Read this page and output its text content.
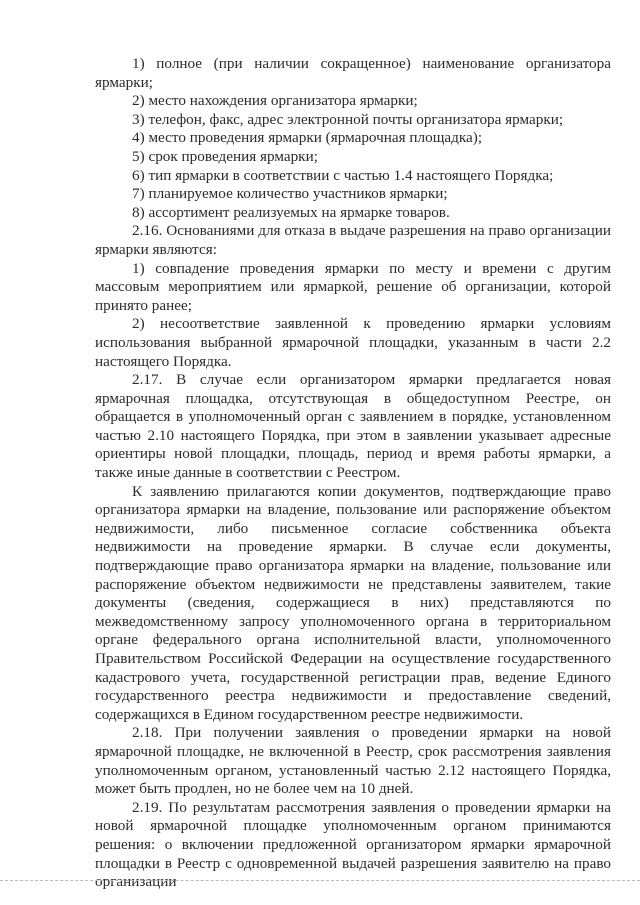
1) полное (при наличии сокращенное) наименование организатора ярмарки;

2) место нахождения организатора ярмарки;

3) телефон, факс, адрес электронной почты организатора ярмарки;

4) место проведения ярмарки (ярмарочная площадка);

5) срок проведения ярмарки;

6) тип ярмарки в соответствии с частью 1.4 настоящего Порядка;

7) планируемое количество участников ярмарки;

8) ассортимент реализуемых на ярмарке товаров.

2.16. Основаниями для отказа в выдаче разрешения на право организации ярмарки являются:

1) совпадение проведения ярмарки по месту и времени с другим массовым мероприятием или ярмаркой, решение об организации, которой принято ранее;

2) несоответствие заявленной к проведению ярмарки условиям использования выбранной ярмарочной площадки, указанным в части 2.2 настоящего Порядка.

2.17. В случае если организатором ярмарки предлагается новая ярмарочная площадка, отсутствующая в общедоступном Реестре, он обращается в уполномоченный орган с заявлением в порядке, установленном частью 2.10 настоящего Порядка, при этом в заявлении указывает адресные ориентиры новой площадки, площадь, период и время работы ярмарки, а также иные данные в соответствии с Реестром.

К заявлению прилагаются копии документов, подтверждающие право организатора ярмарки на владение, пользование или распоряжение объектом недвижимости, либо письменное согласие собственника объекта недвижимости на проведение ярмарки. В случае если документы, подтверждающие право организатора ярмарки на владение, пользование или распоряжение объектом недвижимости не представлены заявителем, такие документы (сведения, содержащиеся в них) представляются по межведомственному запросу уполномоченного органа в территориальном органе федерального органа исполнительной власти, уполномоченного Правительством Российской Федерации на осуществление государственного кадастрового учета, государственной регистрации прав, ведение Единого государственного реестра недвижимости и предоставление сведений, содержащихся в Едином государственном реестре недвижимости.

2.18. При получении заявления о проведении ярмарки на новой ярмарочной площадке, не включенной в Реестр, срок рассмотрения заявления уполномоченным органом, установленный частью 2.12 настоящего Порядка, может быть продлен, но не более чем на 10 дней.

2.19. По результатам рассмотрения заявления о проведении ярмарки на новой ярмарочной площадке уполномоченным органом принимаются решения: о включении предложенной организатором ярмарки ярмарочной площадки в Реестр с одновременной выдачей разрешения заявителю на право организации
